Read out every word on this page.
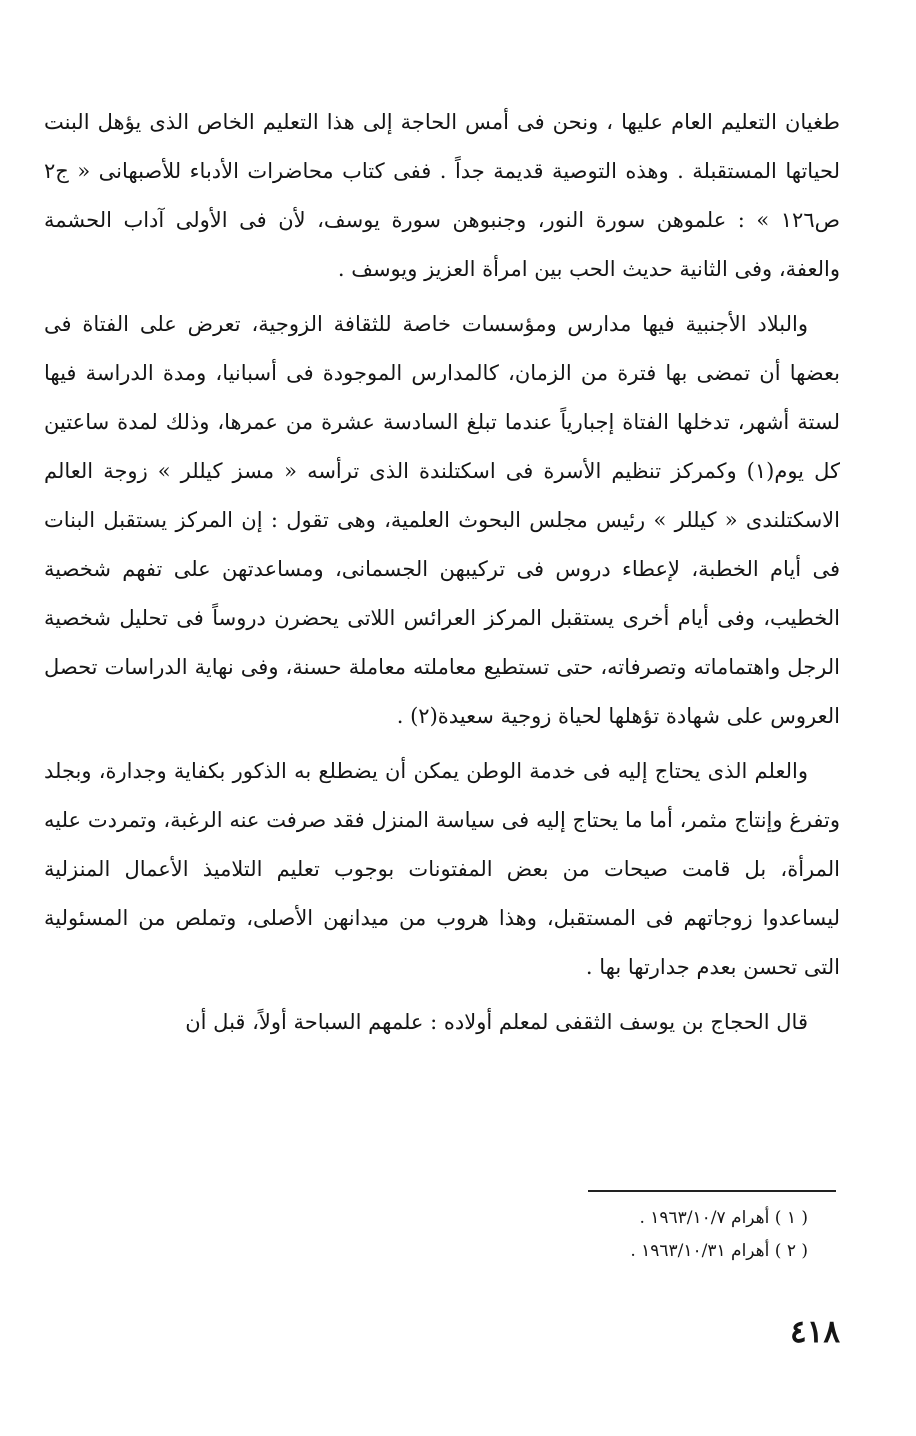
طغيان التعليم العام عليها ، ونحن فى أمس الحاجة إلى هذا التعليم الخاص الذى يؤهل البنت لحياتها المستقبلة . وهذه التوصية قديمة جداً . ففى كتاب محاضرات الأدباء للأصبهانى « ج٢ ص١٢٦ » : علموهن سورة النور، وجنبوهن سورة يوسف، لأن فى الأولى آداب الحشمة والعفة، وفى الثانية حديث الحب بين امرأة العزيز ويوسف .

والبلاد الأجنبية فيها مدارس ومؤسسات خاصة للثقافة الزوجية، تعرض على الفتاة فى بعضها أن تمضى بها فترة من الزمان، كالمدارس الموجودة فى أسبانيا، ومدة الدراسة فيها لستة أشهر، تدخلها الفتاة إجبارياً عندما تبلغ السادسة عشرة من عمرها، وذلك لمدة ساعتين كل يوم(١) وكمركز تنظيم الأسرة فى اسكتلندة الذى ترأسه « مسز كيللر » زوجة العالم الاسكتلندى « كيللر » رئيس مجلس البحوث العلمية، وهى تقول : إن المركز يستقبل البنات فى أيام الخطبة، لإعطاء دروس فى تركيبهن الجسمانى، ومساعدتهن على تفهم شخصية الخطيب، وفى أيام أخرى يستقبل المركز العرائس اللاتى يحضرن دروساً فى تحليل شخصية الرجل واهتماماته وتصرفاته، حتى تستطيع معاملته معاملة حسنة، وفى نهاية الدراسات تحصل العروس على شهادة تؤهلها لحياة زوجية سعيدة(٢) .

والعلم الذى يحتاج إليه فى خدمة الوطن يمكن أن يضطلع به الذكور بكفاية وجدارة، وبجلد وتفرغ وإنتاج مثمر، أما ما يحتاج إليه فى سياسة المنزل فقد صرفت عنه الرغبة، وتمردت عليه المرأة، بل قامت صيحات من بعض المفتونات بوجوب تعليم التلاميذ الأعمال المنزلية ليساعدوا زوجاتهم فى المستقبل، وهذا هروب من ميدانهن الأصلى، وتملص من المسئولية التى تحسن بعدم جدارتها بها .

قال الحجاج بن يوسف الثقفى لمعلم أولاده : علمهم السباحة أولاً، قبل أن

( ١ ) أهرام ١٩٦٣/١٠/٧ .

( ٢ ) أهرام ١٩٦٣/١٠/٣١ .

٤١٨
